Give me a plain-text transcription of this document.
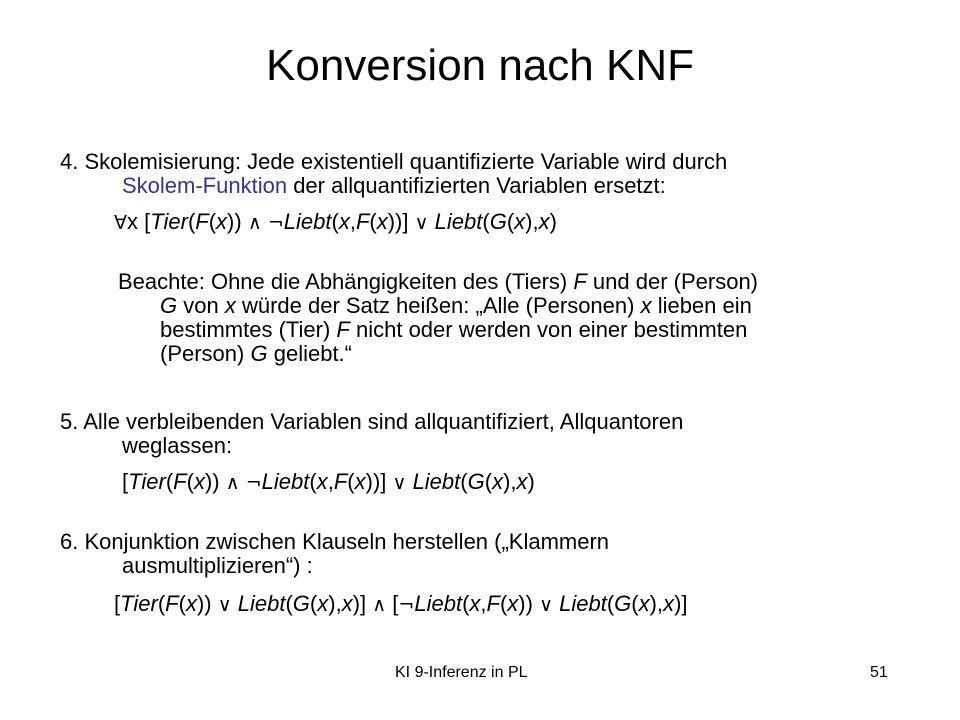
Konversion nach KNF
4. Skolemisierung: Jede existentiell quantifizierte Variable wird durch
Skolem-Funktion der allquantifizierten Variablen ersetzt:
∀x [Tier(F(x)) ∧ ¬Liebt(x,F(x))] ∨ Liebt(G(x),x)
Beachte: Ohne die Abhängigkeiten des (Tiers) F und der (Person)
G von x würde der Satz heißen: „Alle (Personen) x lieben ein
bestimmtes (Tier) F nicht oder werden von einer bestimmten
(Person) G geliebt.“
5. Alle verbleibenden Variablen sind allquantifiziert, Allquantoren
weglassen:
[Tier(F(x)) ∧ ¬Liebt(x,F(x))] ∨ Liebt(G(x),x)
6. Konjunktion zwischen Klauseln herstellen („Klammern
ausmultiplizieren“) :
[Tier(F(x)) ∨ Liebt(G(x),x)] ∧ [¬Liebt(x,F(x)) ∨ Liebt(G(x),x)]
KI 9-Inferenz in PL	51
